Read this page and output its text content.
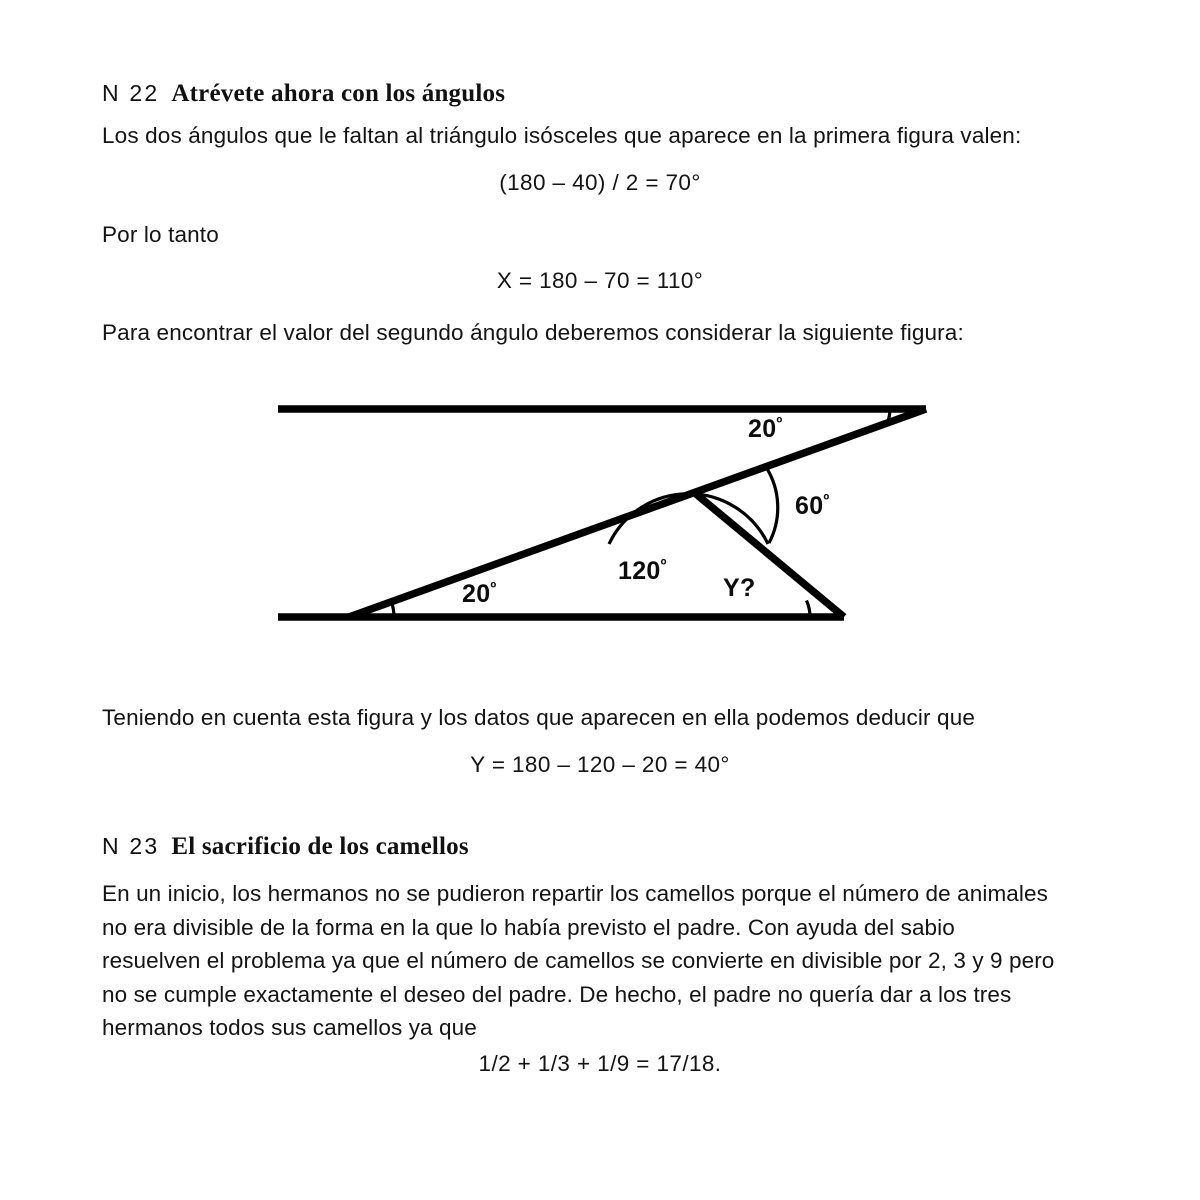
N 22 Atrévete ahora con los ángulos
Los dos ángulos que le faltan al triángulo isósceles que aparece en la primera figura valen:
(180 – 40) / 2 = 70°
Por lo tanto
X = 180 – 70 = 110°
Para encontrar el valor del segundo ángulo deberemos considerar la siguiente figura:
$20^º$
$60^º$
$120^º$
$20^º$	Y?
Teniendo en cuenta esta figura y los datos que aparecen en ella podemos deducir que
Y = 180 – 120 – 20 = 40°
N 23 El sacrificio de los camellos
En un inicio, los hermanos no se pudieron repartir los camellos porque el número de animales
no era divisible de la forma en la que lo había previsto el padre. Con ayuda del sabio
resuelven el problema ya que el número de camellos se convierte en divisible por 2, 3 y 9 pero
no se cumple exactamente el deseo del padre. De hecho, el padre no quería dar a los tres
hermanos todos sus camellos ya que
1/2 + 1/3 + 1/9 = 17/18.
